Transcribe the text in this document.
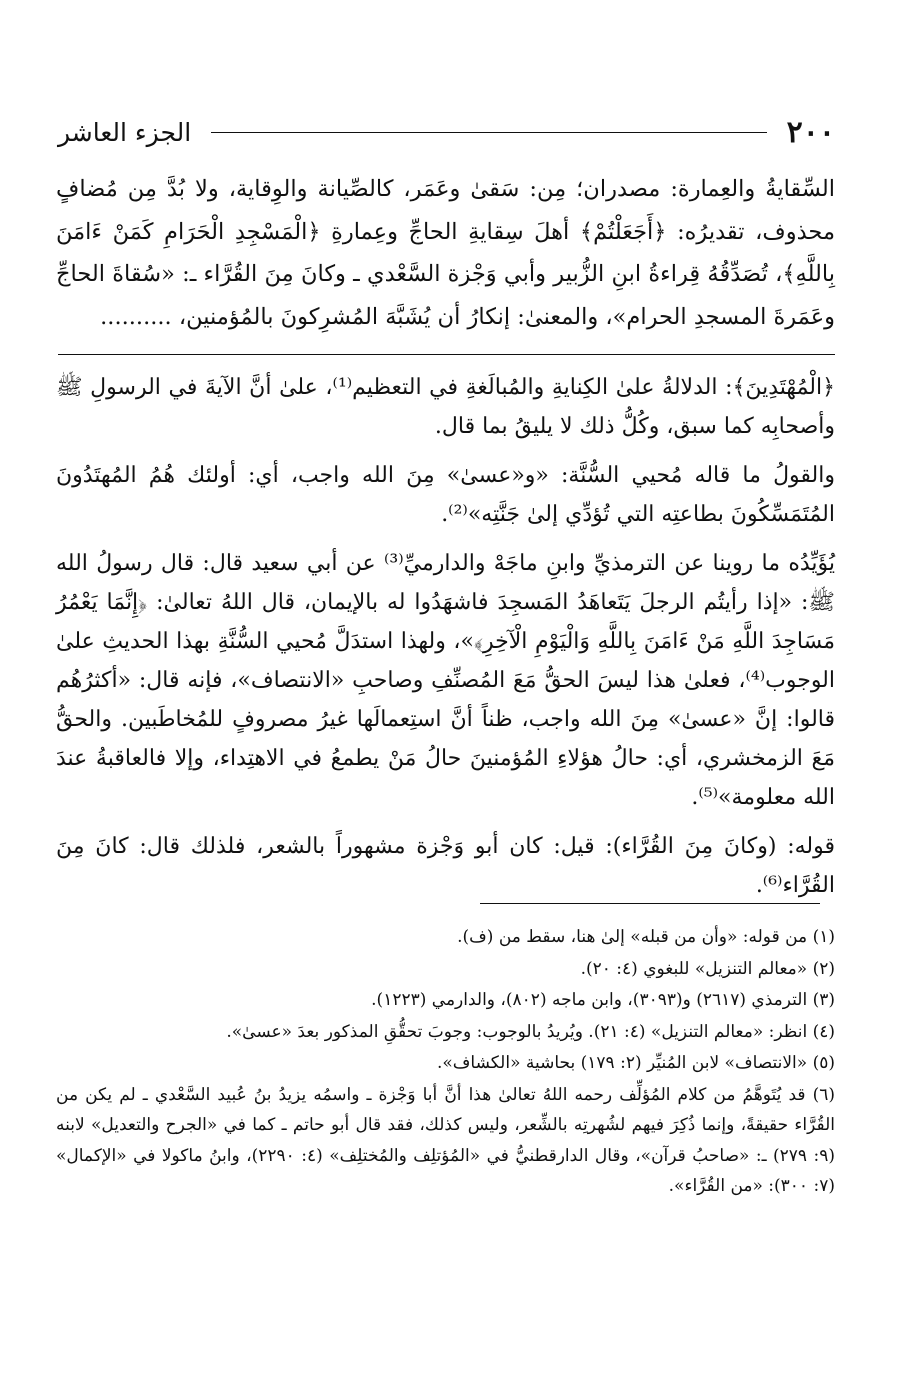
٢٠٠
الجزء العاشر
السِّقايةُ والعِمارة: مصدران؛ مِن: سَقىٰ وعَمَر، كالصِّيانة والوِقاية، ولا بُدَّ مِن مُضافٍ محذوف، تقديرُه: ﴿أَجَعَلْتُمْ﴾ أهلَ سِقايةِ الحاجِّ وعِمارةِ ﴿الْمَسْجِدِ الْحَرَامِ كَمَنْ ءَامَنَ بِاللَّهِ﴾، تُصَدِّقُهُ قِراءةُ ابنِ الزُّبير وأبي وَجْزة السَّعْدي ـ وكانَ مِنَ القُرَّاء ـ: «سُقاةَ الحاجِّ وعَمَرةَ المسجدِ الحرام»، والمعنىٰ: إنكارُ أن يُشَبَّهَ المُشرِكونَ بالمُؤمنين، ..........

﴿الْمُهْتَدِينَ﴾: الدلالةُ علىٰ الكِنايةِ والمُبالَغةِ في التعظيم⁽¹⁾، علىٰ أنَّ الآيةَ في الرسولِ ﷺ وأصحابِه كما سبق، وكُلُّ ذلك لا يليقُ بما قال.

والقولُ ما قاله مُحيي السُّنَّة: «و«عسىٰ» مِنَ الله واجب، أي: أولئك هُمُ المُهتَدُونَ المُتَمَسِّكُونَ بطاعتِه التي تُؤدِّي إلىٰ جَنَّتِه»⁽²⁾.

يُؤَيِّدُه ما روينا عن الترمذيِّ وابنِ ماجَهْ والدارميِّ⁽³⁾ عن أبي سعيد قال: قال رسولُ الله ﷺ: «إذا رأيتُم الرجلَ يَتَعاهَدُ المَسجِدَ فاشهَدُوا له بالإيمان، قال اللهُ تعالىٰ: ﴿إِنَّمَا يَعْمُرُ مَسَاجِدَ اللَّهِ مَنْ ءَامَنَ بِاللَّهِ وَالْيَوْمِ الْآخِرِ﴾»، ولهذا استدَلَّ مُحيي السُّنَّةِ بهذا الحديثِ علىٰ الوجوب⁽⁴⁾، فعلىٰ هذا ليسَ الحقُّ مَعَ المُصنِّفِ وصاحبِ «الانتصاف»، فإنه قال: «أكثرُهُم قالوا: إنَّ «عسىٰ» مِنَ الله واجب، ظناً أنَّ استِعمالَها غيرُ مصروفٍ للمُخاطَبين. والحقُّ مَعَ الزمخشري، أي: حالُ هؤلاءِ المُؤمنينَ حالُ مَنْ يطمعُ في الاهتِداء، وإلا فالعاقبةُ عندَ الله معلومة»⁽⁵⁾.

قوله: (وكانَ مِنَ القُرَّاء): قيل: كان أبو وَجْزة مشهوراً بالشعر، فلذلك قال: كانَ مِنَ القُرَّاء⁽⁶⁾.

(١) من قوله: «وأن من قبله» إلىٰ هنا، سقط من (ف).

(٢) «معالم التنزيل» للبغوي (٤: ٢٠).

(٣) الترمذي (٢٦١٧) و(٣٠٩٣)، وابن ماجه (٨٠٢)، والدارمي (١٢٢٣).

(٤) انظر: «معالم التنزيل» (٤: ٢١). ويُريدُ بالوجوب: وجوبَ تحقُّقِ المذكور بعدَ «عسىٰ».

(٥) «الانتصاف» لابن المُنيِّر (٢: ١٧٩) بحاشية «الكشاف».

(٦) قد يُتَوهَّمُ من كلام المُؤلِّف رحمه اللهُ تعالىٰ هذا أنَّ أبا وَجْزة ـ واسمُه يزيدُ بنُ عُبيد السَّعْدي ـ لم يكن من القُرَّاء حقيقةً، وإنما ذُكِرَ فيهم لشُهرتِه بالشِّعر، وليس كذلك، فقد قال أبو حاتم ـ كما في «الجرح والتعديل» لابنه (٩: ٢٧٩) ـ: «صاحبُ قرآن»، وقال الدارقطنيُّ في «المُؤتلِف والمُختلِف» (٤: ٢٢٩٠)، وابنُ ماكولا في «الإكمال» (٧: ٣٠٠): «من القُرَّاء».
